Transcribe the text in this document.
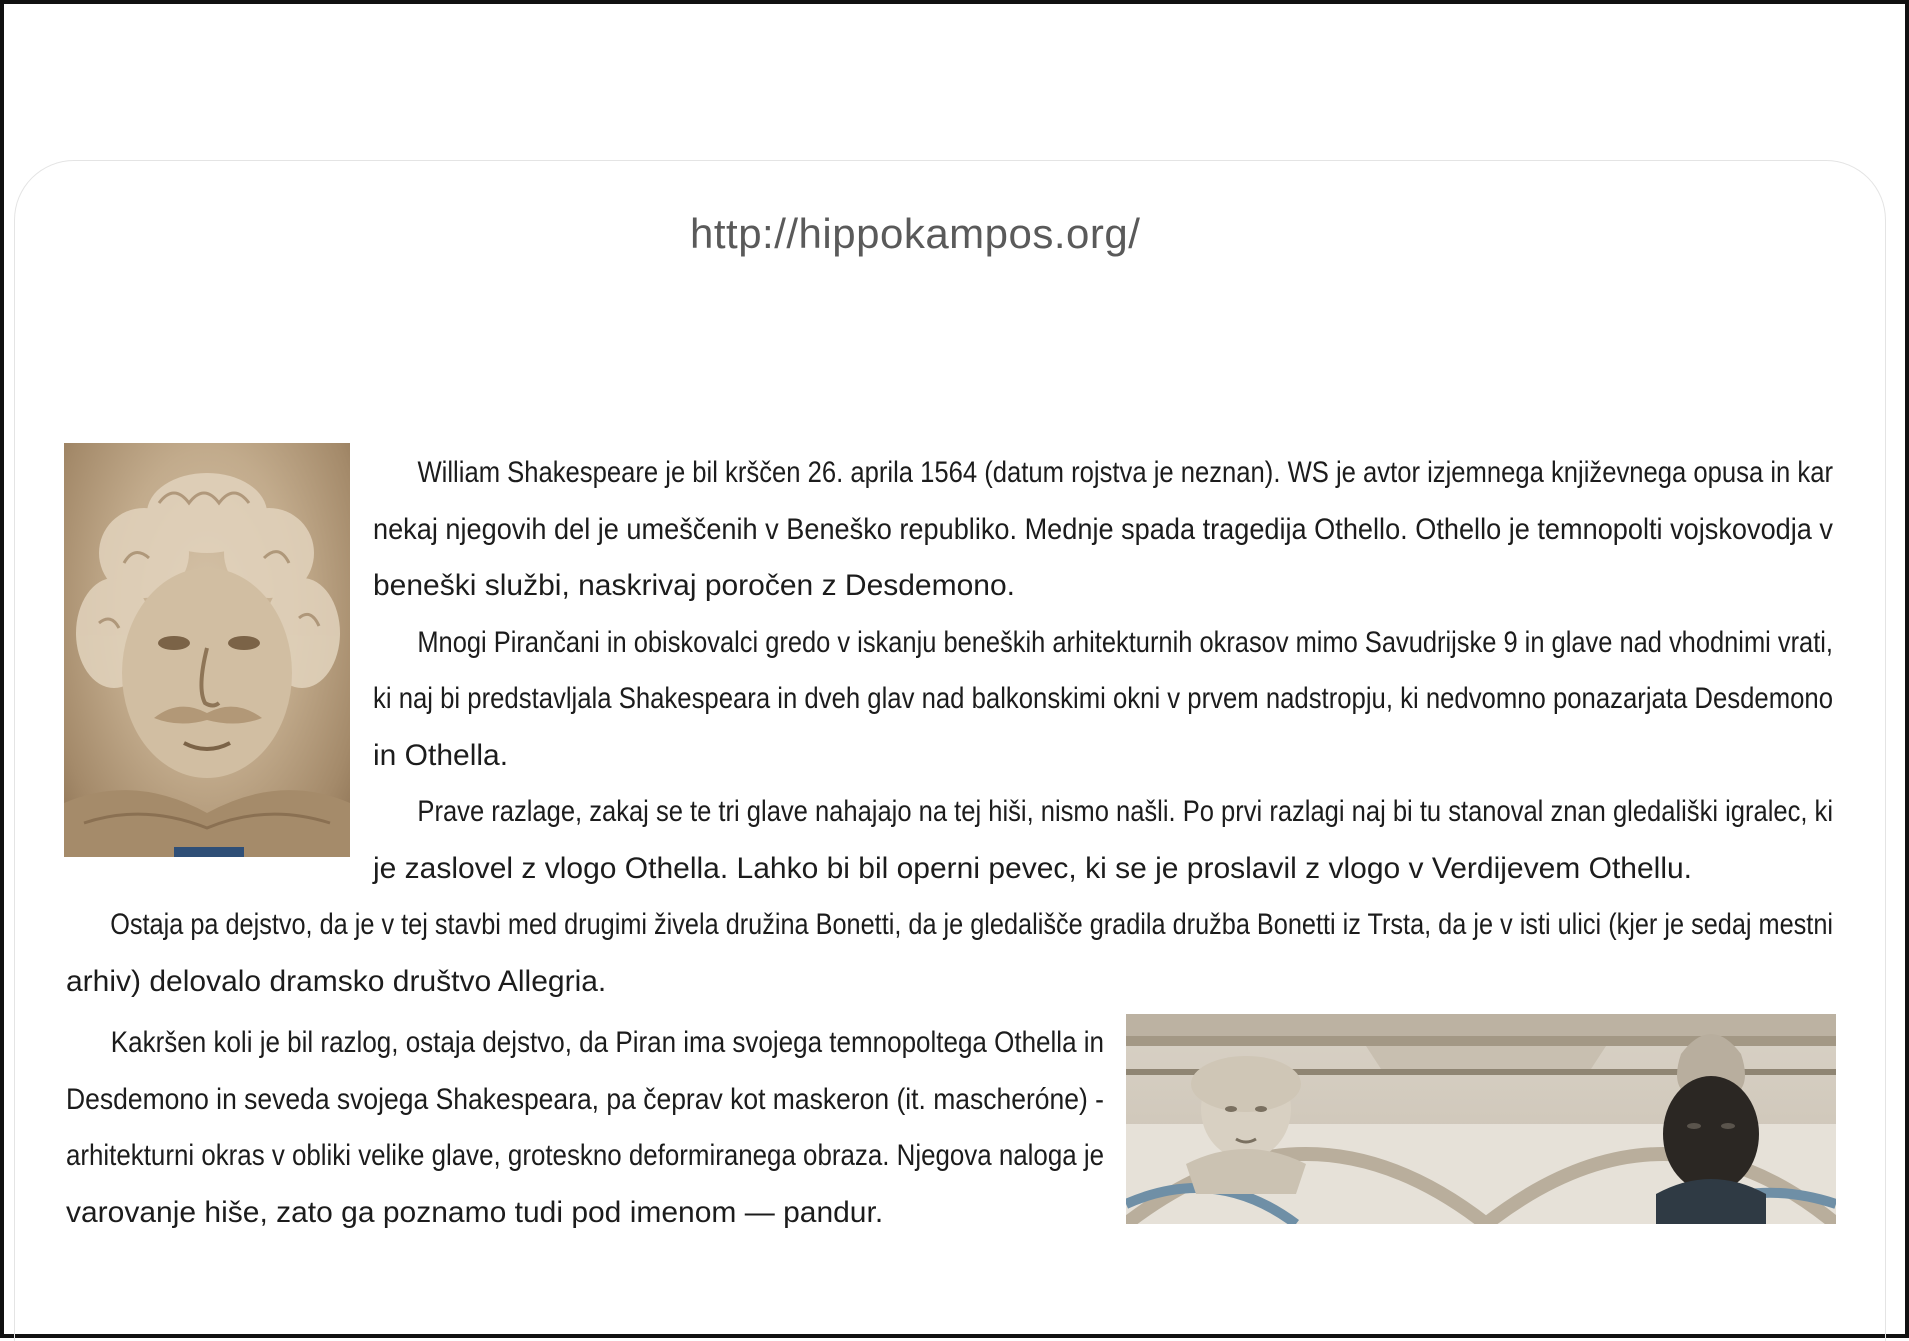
http://hippokampos.org/

William Shakespeare je bil krščen 26. aprila 1564 (datum rojstva je neznan). WS je avtor izjemnega književnega opusa in kar

nekaj njegovih del je umeščenih v Beneško republiko. Mednje spada tragedija Othello. Othello je temnopolti vojskovodja v

beneški službi, naskrivaj poročen z Desdemono.

Mnogi Pirančani in obiskovalci gredo v iskanju beneških arhitekturnih okrasov mimo Savudrijske 9 in glave nad vhodnimi vrati,

ki naj bi predstavljala Shakespeara in dveh glav nad balkonskimi okni v prvem nadstropju, ki nedvomno ponazarjata Desdemono

in Othella.

Prave razlage, zakaj se te tri glave nahajajo na tej hiši, nismo našli. Po prvi razlagi naj bi tu stanoval znan gledališki igralec, ki

je zaslovel z vlogo Othella. Lahko bi bil operni pevec, ki se je proslavil z vlogo v Verdijevem Othellu.

Ostaja pa dejstvo, da je v tej stavbi med drugimi živela družina Bonetti, da je gledališče gradila družba Bonetti iz Trsta, da je v isti ulici (kjer je sedaj mestni

arhiv) delovalo dramsko društvo Allegria.

Kakršen koli je bil razlog, ostaja dejstvo, da Piran ima svojega temnopoltega Othella in

Desdemono in seveda svojega Shakespeara, pa čeprav kot maskeron (it. mascheróne) -

arhitekturni okras v obliki velike glave, groteskno deformiranega obraza. Njegova naloga je

varovanje hiše, zato ga poznamo tudi pod imenom — pandur.
